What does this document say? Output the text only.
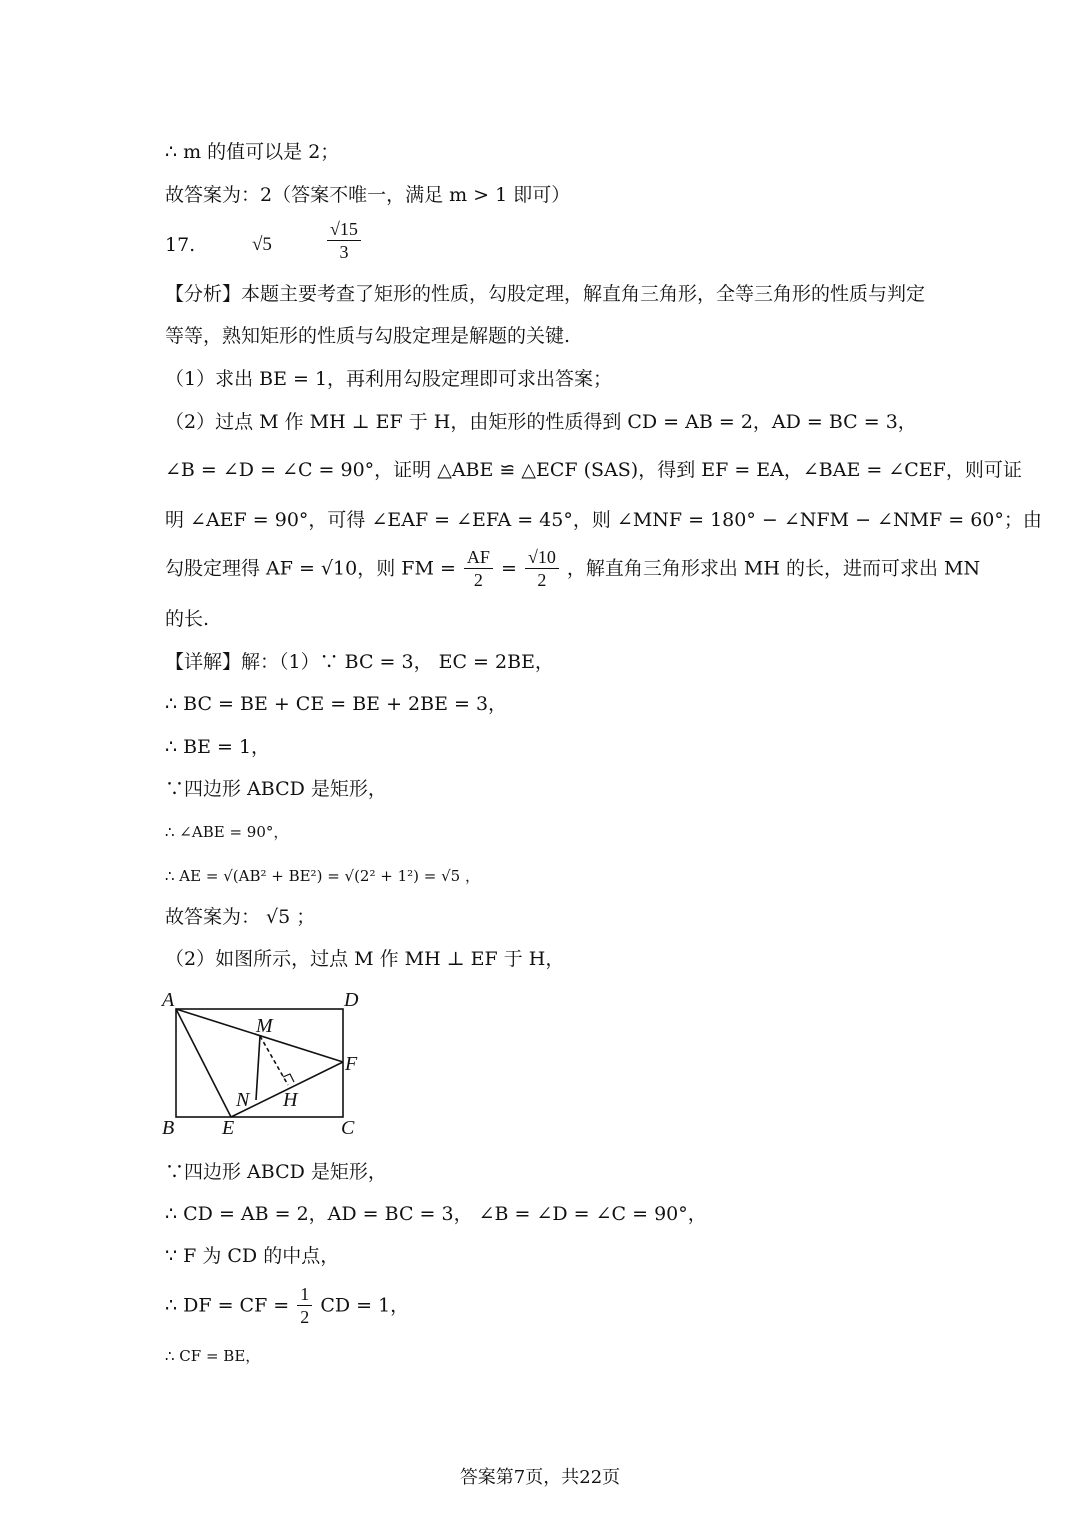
∴ m 的值可以是 2；
故答案为：2（答案不唯一，满足 m > 1 即可）
17.	√5	$\frac{√15}{3}$
【分析】本题主要考查了矩形的性质，勾股定理，解直角三角形，全等三角形的性质与判定
等等，熟知矩形的性质与勾股定理是解题的关键.
（1）求出 BE = 1，再利用勾股定理即可求出答案；
（2）过点 M 作 MH ⊥ EF 于 H，由矩形的性质得到 CD = AB = 2，AD = BC = 3，
∠B = ∠D = ∠C = 90°，证明 △ABE ≌ △ECF (SAS)，得到 EF = EA，∠BAE = ∠CEF，则可证
明 ∠AEF = 90°，可得 ∠EAF = ∠EFA = 45°，则 ∠MNF = 180° − ∠NFM − ∠NMF = 60°；由
勾股定理得 AF = √10，则 FM = $\frac{AF}{2} = \frac{√10}{2}$ ，解直角三角形求出 MH 的长，进而可求出 MN
的长.
【详解】解：（1）∵ BC = 3， EC = 2BE，
∴ BC = BE + CE = BE + 2BE = 3，
∴ BE = 1，
∵四边形 ABCD 是矩形，
∴ ∠ABE = 90°，
∴ AE = √(AB² + BE²) = √(2² + 1²) = √5 ，
故答案为： √5 ；
（2）如图所示，过点 M 作 MH ⊥ EF 于 H，
A	D
M
F
N H
B E	C
∵四边形 ABCD 是矩形，
∴ CD = AB = 2，AD = BC = 3， ∠B = ∠D = ∠C = 90°，
∵ F 为 CD 的中点，
∴ DF = CF = $\frac{1}{2}$ CD = 1，
∴ CF = BE，
答案第7页，共22页
